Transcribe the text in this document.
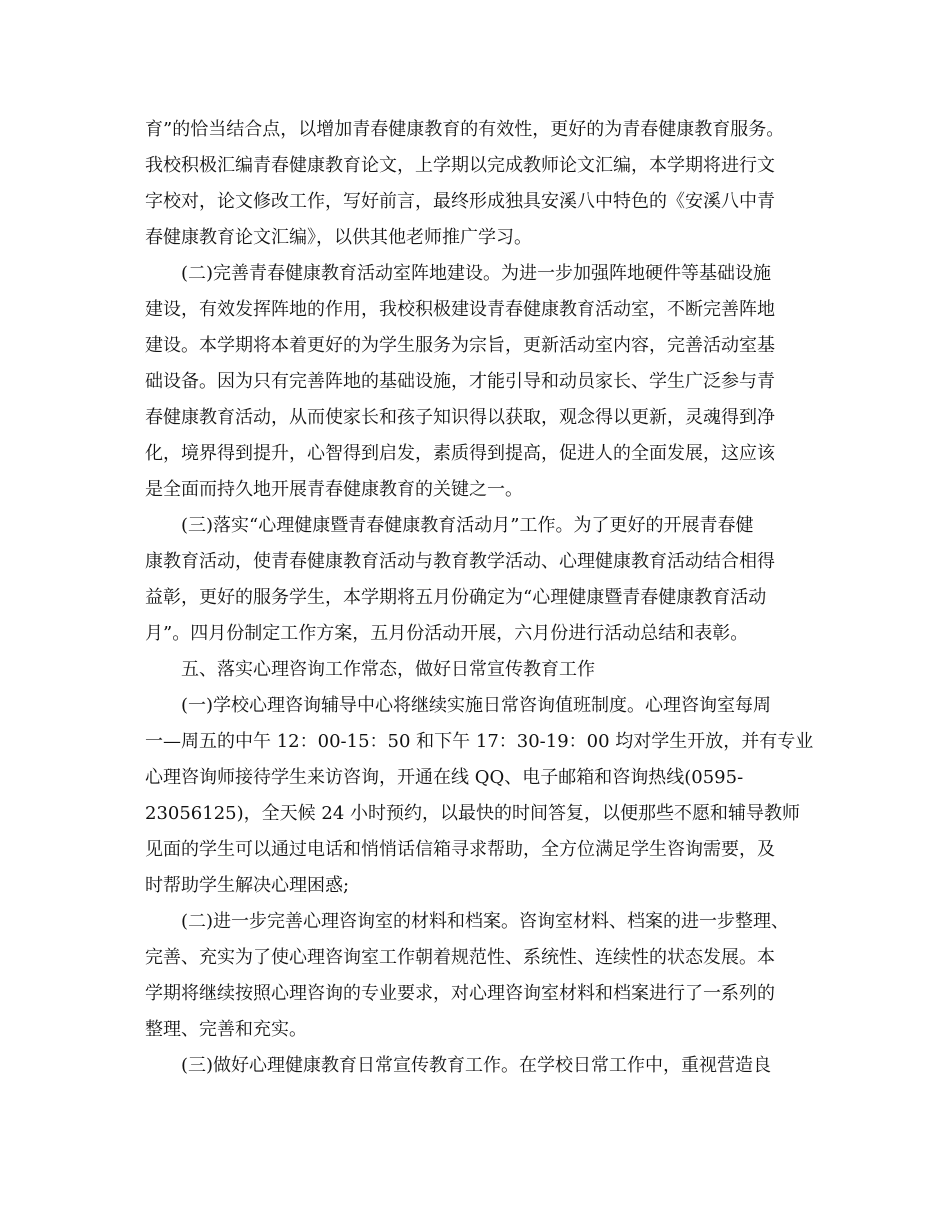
育”的恰当结合点，以增加青春健康教育的有效性，更好的为青春健康教育服务。
我校积极汇编青春健康教育论文，上学期以完成教师论文汇编，本学期将进行文
字校对，论文修改工作，写好前言，最终形成独具安溪八中特色的《安溪八中青
春健康教育论文汇编》，以供其他老师推广学习。

(二)完善青春健康教育活动室阵地建设。为进一步加强阵地硬件等基础设施
建设，有效发挥阵地的作用，我校积极建设青春健康教育活动室，不断完善阵地
建设。本学期将本着更好的为学生服务为宗旨，更新活动室内容，完善活动室基
础设备。因为只有完善阵地的基础设施，才能引导和动员家长、学生广泛参与青
春健康教育活动，从而使家长和孩子知识得以获取，观念得以更新，灵魂得到净
化，境界得到提升，心智得到启发，素质得到提高，促进人的全面发展，这应该
是全面而持久地开展青春健康教育的关键之一。

(三)落实“心理健康暨青春健康教育活动月”工作。为了更好的开展青春健
康教育活动，使青春健康教育活动与教育教学活动、心理健康教育活动结合相得
益彰，更好的服务学生，本学期将五月份确定为“心理健康暨青春健康教育活动
月”。四月份制定工作方案，五月份活动开展，六月份进行活动总结和表彰。

五、落实心理咨询工作常态，做好日常宣传教育工作

(一)学校心理咨询辅导中心将继续实施日常咨询值班制度。心理咨询室每周
一—周五的中午 12：00-15：50 和下午 17：30-19：00 均对学生开放，并有专业
心理咨询师接待学生来访咨询，开通在线 QQ、电子邮箱和咨询热线(0595-
23056125)，全天候 24 小时预约，以最快的时间答复，以便那些不愿和辅导教师
见面的学生可以通过电话和悄悄话信箱寻求帮助，全方位满足学生咨询需要，及
时帮助学生解决心理困惑;

(二)进一步完善心理咨询室的材料和档案。咨询室材料、档案的进一步整理、
完善、充实为了使心理咨询室工作朝着规范性、系统性、连续性的状态发展。本
学期将继续按照心理咨询的专业要求，对心理咨询室材料和档案进行了一系列的
整理、完善和充实。

(三)做好心理健康教育日常宣传教育工作。在学校日常工作中，重视营造良
